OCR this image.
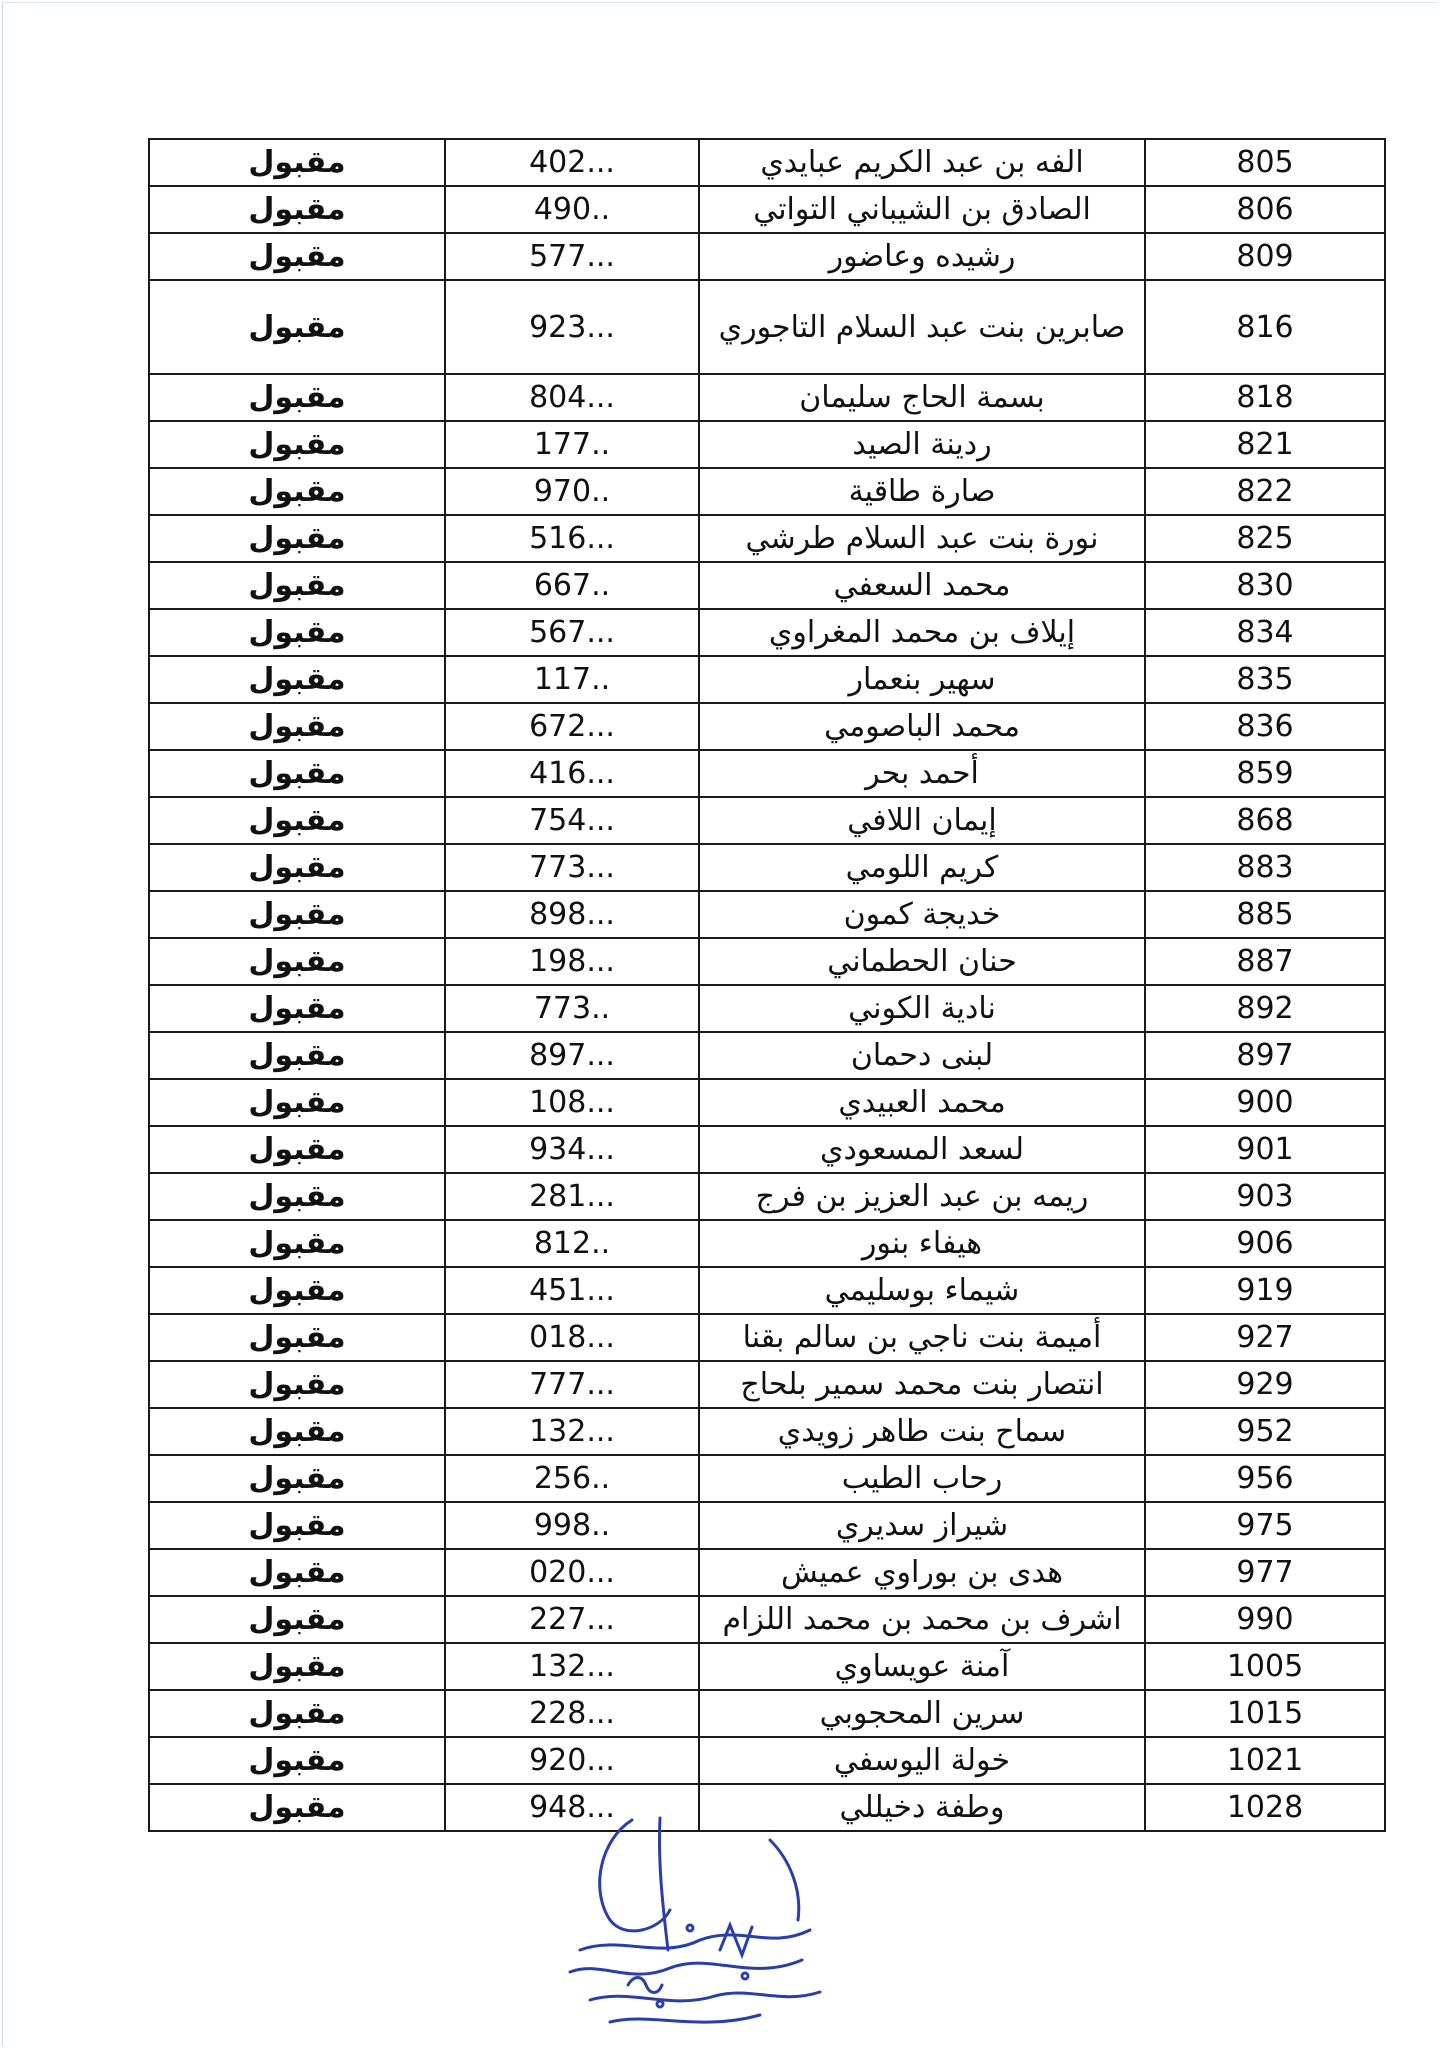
مقبول	402...	الفه بن عبد الكريم عبايدي	805
مقبول	490..	الصادق بن الشيباني التواتي	806
مقبول	577...	رشيده وعاضور	809
مقبول	923...	صابرين بنت عبد السلام التاجوري	816
مقبول	804...	بسمة الحاج سليمان	818
مقبول	177..	ردينة الصيد	821
مقبول	970..	صارة طاقية	822
مقبول	516...	نورة بنت عبد السلام طرشي	825
مقبول	667..	محمد السعفي	830
مقبول	567...	إيلاف بن محمد المغراوي	834
مقبول	117..	سهير بنعمار	835
مقبول	672...	محمد الباصومي	836
مقبول	416...	أحمد بحر	859
مقبول	754...	إيمان اللافي	868
مقبول	773...	كريم اللومي	883
مقبول	898...	خديجة كمون	885
مقبول	198...	حنان الحطماني	887
مقبول	773..	نادية الكوني	892
مقبول	897...	لبنى دحمان	897
مقبول	108...	محمد العبيدي	900
مقبول	934...	لسعد المسعودي	901
مقبول	281...	ريمه بن عبد العزيز بن فرج	903
مقبول	812..	هيفاء بنور	906
مقبول	451...	شيماء بوسليمي	919
مقبول	018...	أميمة بنت ناجي بن سالم بقنا	927
مقبول	777...	انتصار بنت محمد سمير بلحاج	929
مقبول	132...	سماح بنت طاهر زويدي	952
مقبول	256..	رحاب الطيب	956
مقبول	998..	شيراز سديري	975
مقبول	020...	هدى بن بوراوي عميش	977
مقبول	227...	اشرف بن محمد بن محمد اللزام	990
مقبول	132...	آمنة عويساوي	1005
مقبول	228...	سرين المحجوبي	1015
مقبول	920...	خولة اليوسفي	1021
مقبول	948...	وطفة دخيللي	1028
